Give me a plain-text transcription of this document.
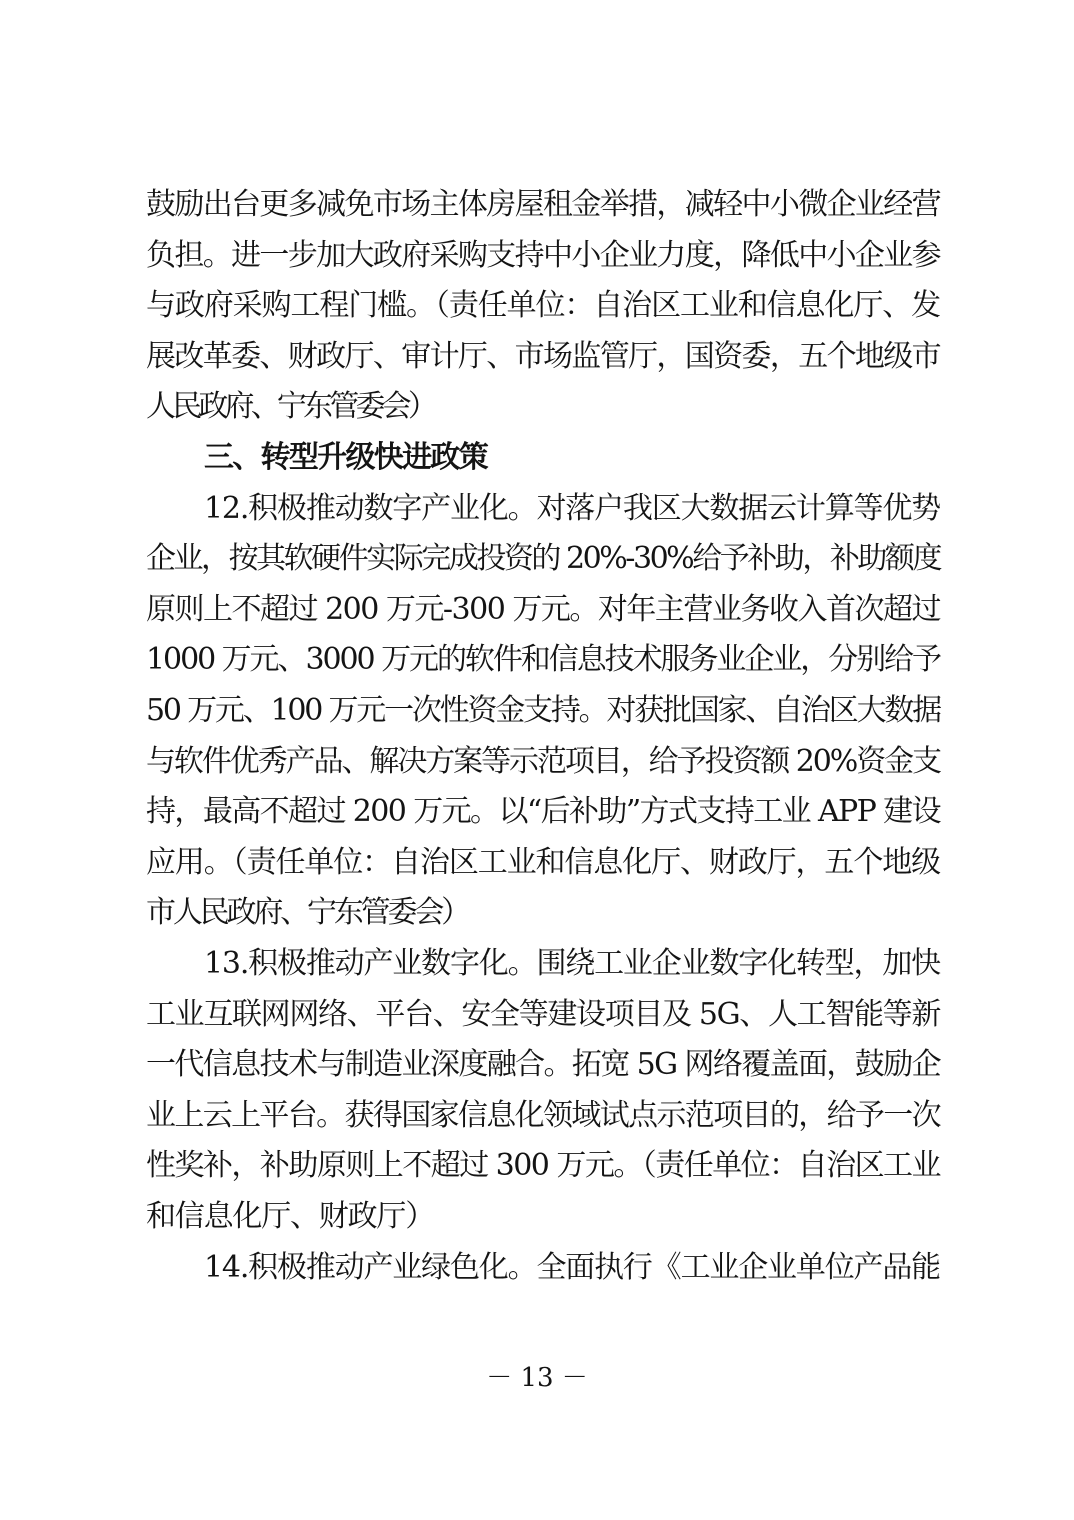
鼓励出台更多减免市场主体房屋租金举措，减轻中小微企业经营
负担。进一步加大政府采购支持中小企业力度，降低中小企业参
与政府采购工程门槛。（责任单位：自治区工业和信息化厅、发
展改革委、财政厅、审计厅、市场监管厅，国资委，五个地级市
人民政府、宁东管委会）
三、转型升级快进政策
12.积极推动数字产业化。对落户我区大数据云计算等优势
企业，按其软硬件实际完成投资的 20%-30%给予补助，补助额度
原则上不超过 200 万元-300 万元。对年主营业务收入首次超过
1000 万元、3000 万元的软件和信息技术服务业企业，分别给予
50 万元、100 万元一次性资金支持。对获批国家、自治区大数据
与软件优秀产品、解决方案等示范项目，给予投资额 20%资金支
持，最高不超过 200 万元。以“后补助”方式支持工业 APP 建设
应用。（责任单位：自治区工业和信息化厅、财政厅，五个地级
市人民政府、宁东管委会）
13.积极推动产业数字化。围绕工业企业数字化转型，加快
工业互联网网络、平台、安全等建设项目及 5G、人工智能等新
一代信息技术与制造业深度融合。拓宽 5G 网络覆盖面，鼓励企
业上云上平台。获得国家信息化领域试点示范项目的，给予一次
性奖补，补助原则上不超过 300 万元。（责任单位：自治区工业
和信息化厅、财政厅）
14.积极推动产业绿色化。全面执行《工业企业单位产品能
－ 13 －
